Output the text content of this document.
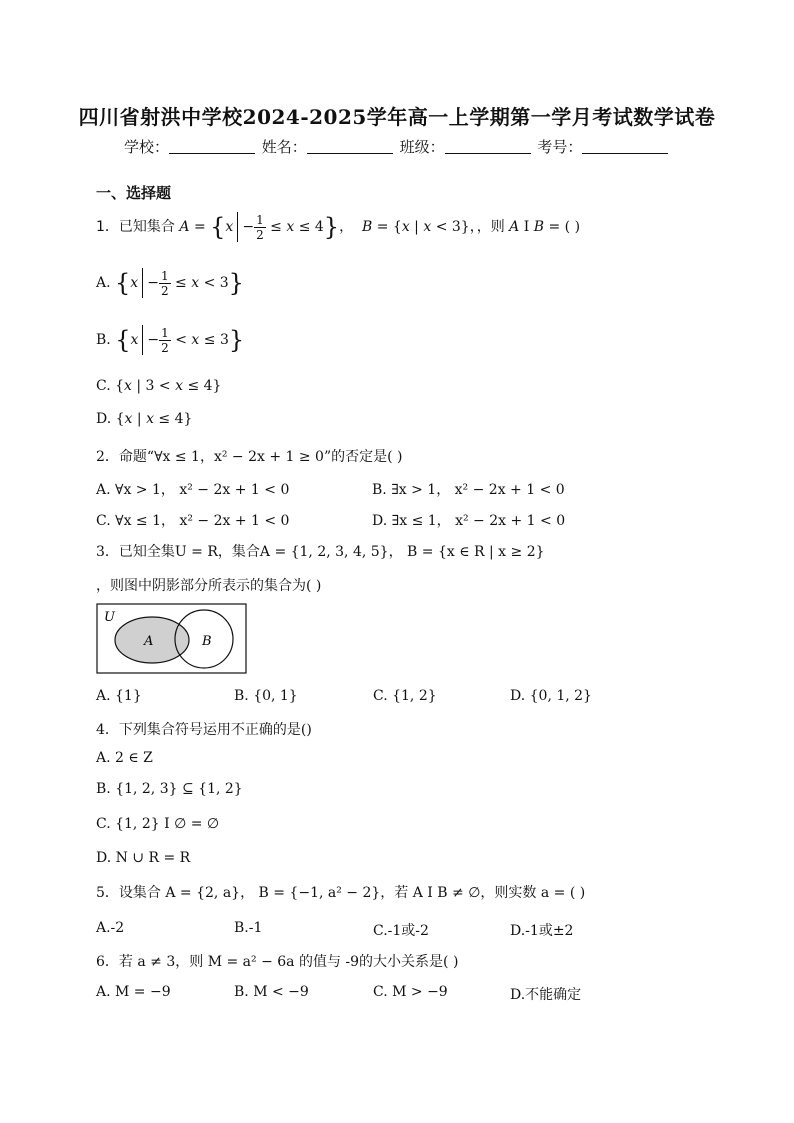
四川省射洪中学校2024-2025学年高一上学期第一学月考试数学试卷
学校：	姓名：	班级：	考号：
一、选择题
1．已知集合 $A = \{x - \frac{1}{2} \le x \le 4\}$， B = {x | x < 3}，，则 A I B = ( )
A. $\{x - \frac{1}{2} \le x < 3\}$
B. $\{x - \frac{1}{2} < x \le 3\}$
C. {x | 3 < x ≤ 4}
D. {x | x ≤ 4}
2．命题“∀x ≤ 1，x² − 2x + 1 ≥ 0”的否定是( )
A. ∀x > 1， x² − 2x + 1 < 0	B. ∃x > 1， x² − 2x + 1 < 0
C. ∀x ≤ 1， x² − 2x + 1 < 0	D. ∃x ≤ 1， x² − 2x + 1 < 0
3．已知全集U = R，集合A = {1, 2, 3, 4, 5}， B = {x ∈ R | x ≥ 2}
，则图中阴影部分所表示的集合为( )
U
A	B
A. {1}	B. {0, 1}	C. {1, 2}	D. {0, 1, 2}
4．下列集合符号运用不正确的是()
A. 2 ∈ Z
B. {1, 2, 3} ⊆ {1, 2}
C. {1, 2} I ∅ = ∅
D. N ∪ R = R
5．设集合 A = {2, a}， B = {−1, a² − 2}，若 A I B ≠ ∅，则实数 a = ( )
A.-2	B.-1	C.-1或-2	D.-1或±2
6．若 a ≠ 3，则 M = a² − 6a 的值与 -9的大小关系是( )
A. M = −9	B. M < −9	C. M > −9	D.不能确定
